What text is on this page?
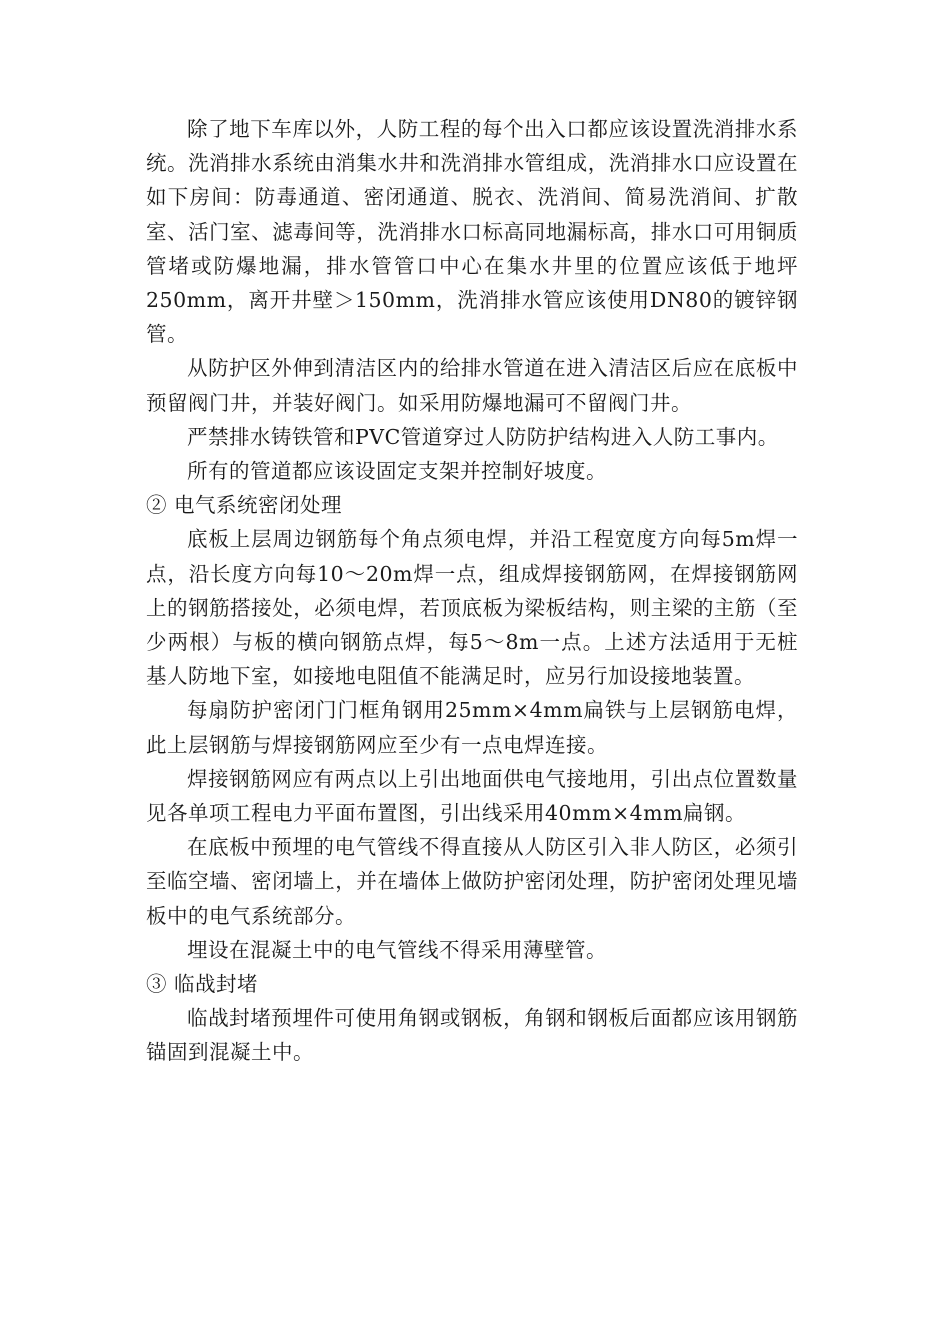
除了地下车库以外，人防工程的每个出入口都应该设置洗消排水系统。洗消排水系统由消集水井和洗消排水管组成，洗消排水口应设置在如下房间：防毒通道、密闭通道、脱衣、洗消间、简易洗消间、扩散室、活门室、滤毒间等，洗消排水口标高同地漏标高，排水口可用铜质管堵或防爆地漏，排水管管口中心在集水井里的位置应该低于地坪250mm，离开井壁＞150mm，洗消排水管应该使用DN80的镀锌钢管。

从防护区外伸到清洁区内的给排水管道在进入清洁区后应在底板中预留阀门井，并装好阀门。如采用防爆地漏可不留阀门井。

严禁排水铸铁管和PVC管道穿过人防防护结构进入人防工事内。

所有的管道都应该设固定支架并控制好坡度。

② 电气系统密闭处理

底板上层周边钢筋每个角点须电焊，并沿工程宽度方向每5m焊一点，沿长度方向每10～20m焊一点，组成焊接钢筋网，在焊接钢筋网上的钢筋搭接处，必须电焊，若顶底板为梁板结构，则主梁的主筋（至少两根）与板的横向钢筋点焊，每5～8m一点。上述方法适用于无桩基人防地下室，如接地电阻值不能满足时，应另行加设接地装置。

每扇防护密闭门门框角钢用25mm×4mm扁铁与上层钢筋电焊，此上层钢筋与焊接钢筋网应至少有一点电焊连接。

焊接钢筋网应有两点以上引出地面供电气接地用，引出点位置数量见各单项工程电力平面布置图，引出线采用40mm×4mm扁钢。

在底板中预埋的电气管线不得直接从人防区引入非人防区，必须引至临空墙、密闭墙上，并在墙体上做防护密闭处理，防护密闭处理见墙板中的电气系统部分。

埋设在混凝土中的电气管线不得采用薄壁管。

③ 临战封堵

临战封堵预埋件可使用角钢或钢板，角钢和钢板后面都应该用钢筋锚固到混凝土中。
